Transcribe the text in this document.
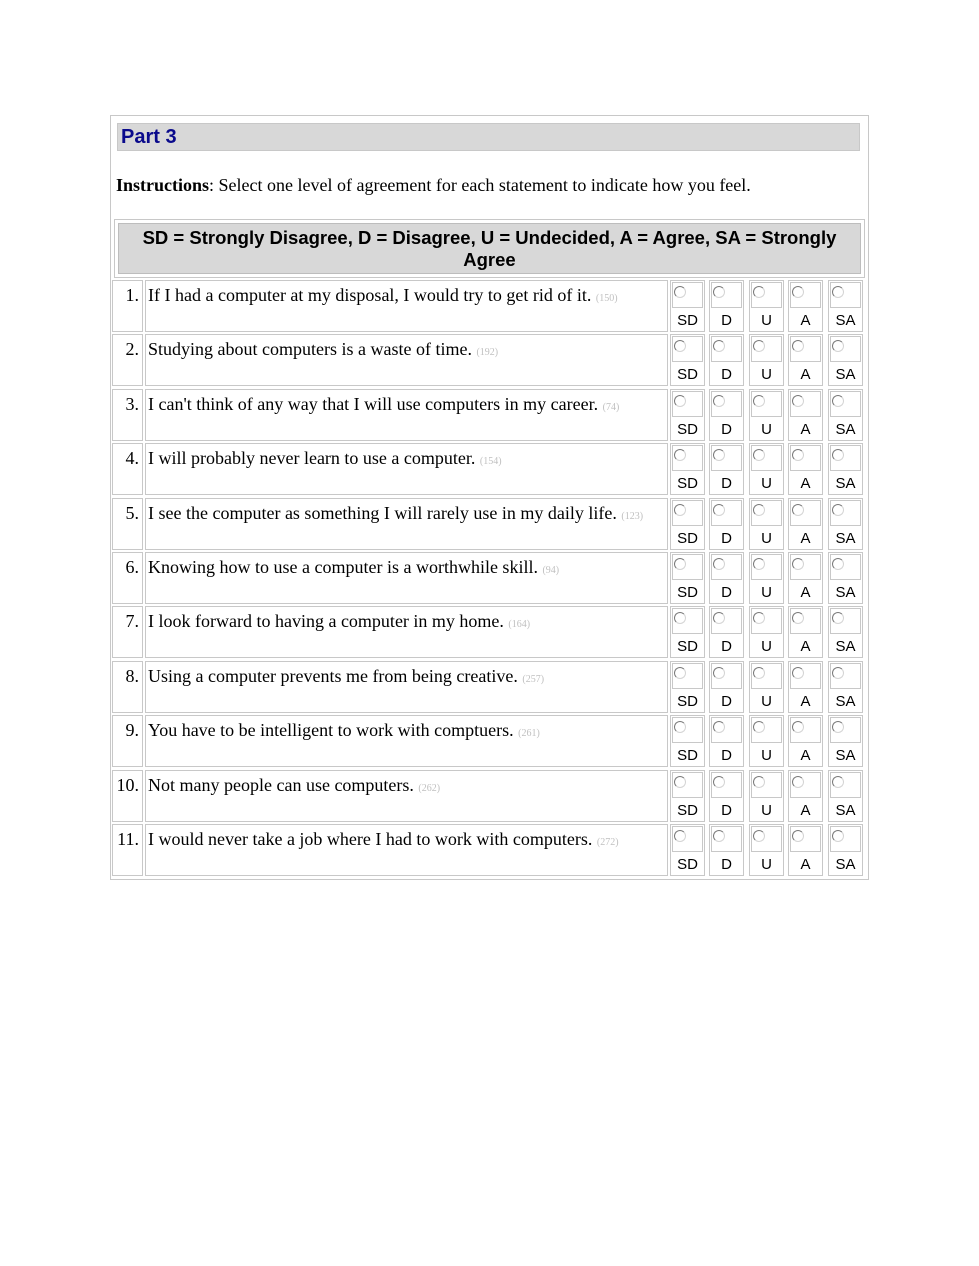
Part 3
Instructions: Select one level of agreement for each statement to indicate how you feel.
SD = Strongly Disagree, D = Disagree, U = Undecided, A = Agree, SA = Strongly Agree
1. If I had a computer at my disposal, I would try to get rid of it. (150)
SD	D	U	A	SA
2. Studying about computers is a waste of time. (192)
SD	D	U	A	SA
3. I can't think of any way that I will use computers in my career. (74)
SD	D	U	A	SA
4. I will probably never learn to use a computer. (154)
SD	D	U	A	SA
5. I see the computer as something I will rarely use in my daily life. (123)
SD	D	U	A	SA
6. Knowing how to use a computer is a worthwhile skill. (94)
SD	D	U	A	SA
7. I look forward to having a computer in my home. (164)
SD	D	U	A	SA
8. Using a computer prevents me from being creative. (257)
SD	D	U	A	SA
9. You have to be intelligent to work with comptuers. (261)
SD	D	U	A	SA
10. Not many people can use computers. (262)
SD	D	U	A	SA
11. I would never take a job where I had to work with computers. (272)
SD	D	U	A	SA
